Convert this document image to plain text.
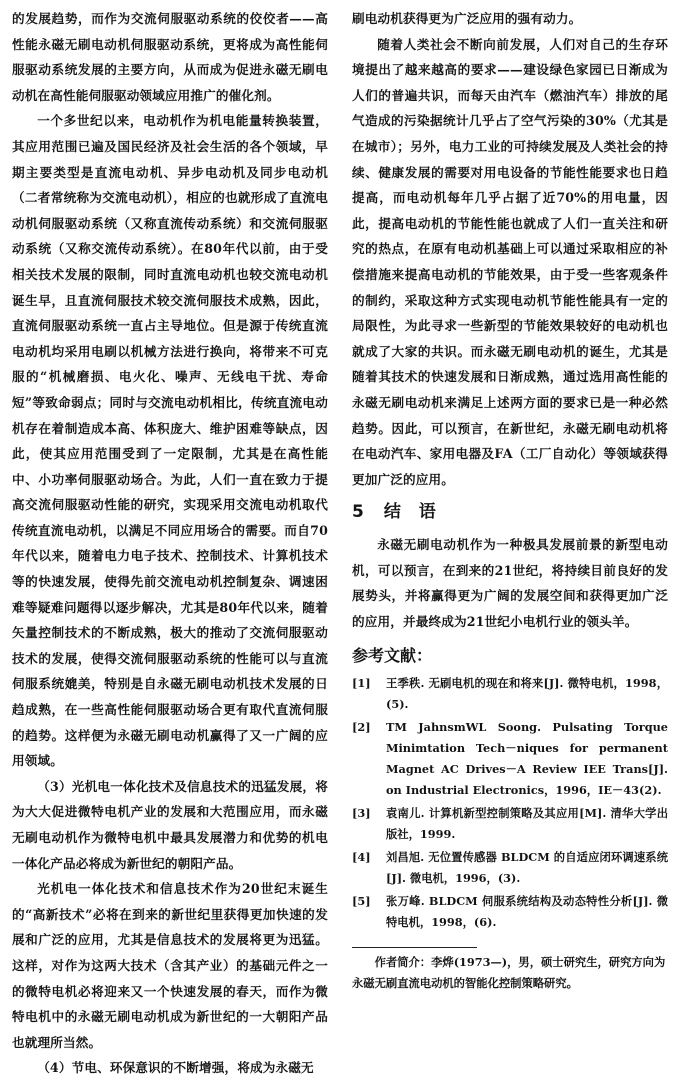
的发展趋势，而作为交流伺服驱动系统的佼佼者——高性能永磁无刷电动机伺服驱动系统，更将成为高性能伺服驱动系统发展的主要方向，从而成为促进永磁无刷电动机在高性能伺服驱动领域应用推广的催化剂。

一个多世纪以来，电动机作为机电能量转换装置，其应用范围已遍及国民经济及社会生活的各个领域，早期主要类型是直流电动机、异步电动机及同步电动机（二者常统称为交流电动机），相应的也就形成了直流电动机伺服驱动系统（又称直流传动系统）和交流伺服驱动系统（又称交流传动系统）。在80年代以前，由于受相关技术发展的限制，同时直流电动机也较交流电动机诞生早，且直流伺服技术较交流伺服技术成熟，因此，直流伺服驱动系统一直占主导地位。但是源于传统直流电动机均采用电刷以机械方法进行换向，将带来不可克服的“机械磨损、电火化、噪声、无线电干扰、寿命短”等致命弱点；同时与交流电动机相比，传统直流电动机存在着制造成本高、体积庞大、维护困难等缺点，因此，使其应用范围受到了一定限制，尤其是在高性能中、小功率伺服驱动场合。为此，人们一直在致力于提高交流伺服驱动性能的研究，实现采用交流电动机取代传统直流电动机，以满足不同应用场合的需要。而自70年代以来，随着电力电子技术、控制技术、计算机技术等的快速发展，使得先前交流电动机控制复杂、调速困难等疑难问题得以逐步解决，尤其是80年代以来，随着矢量控制技术的不断成熟，极大的推动了交流伺服驱动技术的发展，使得交流伺服驱动系统的性能可以与直流伺服系统媲美，特别是自永磁无刷电动机技术发展的日趋成熟，在一些高性能伺服驱动场合更有取代直流伺服的趋势。这样便为永磁无刷电动机赢得了又一广阔的应用领域。

（3）光机电一体化技术及信息技术的迅猛发展，将为大大促进微特电机产业的发展和大范围应用，而永磁无刷电动机作为微特电机中最具发展潜力和优势的机电一体化产品必将成为新世纪的朝阳产品。

光机电一体化技术和信息技术作为20世纪末诞生的“高新技术”必将在到来的新世纪里获得更加快速的发展和广泛的应用，尤其是信息技术的发展将更为迅猛。这样，对作为这两大技术（含其产业）的基础元件之一的微特电机必将迎来又一个快速发展的春天，而作为微特电机中的永磁无刷电动机成为新世纪的一大朝阳产品也就理所当然。

（4）节电、环保意识的不断增强，将成为永磁无

刷电动机获得更为广泛应用的强有动力。

随着人类社会不断向前发展，人们对自己的生存环境提出了越来越高的要求——建设绿色家园已日渐成为人们的普遍共识，而每天由汽车（燃油汽车）排放的尾气造成的污染据统计几乎占了空气污染的30%（尤其是在城市）；另外，电力工业的可持续发展及人类社会的持续、健康发展的需要对用电设备的节能性能要求也日趋提高，而电动机每年几乎占据了近70%的用电量，因此，提高电动机的节能性能也就成了人们一直关注和研究的热点，在原有电动机基础上可以通过采取相应的补偿措施来提高电动机的节能效果，由于受一些客观条件的制约，采取这种方式实现电动机节能性能具有一定的局限性，为此寻求一些新型的节能效果较好的电动机也就成了大家的共识。而永磁无刷电动机的诞生，尤其是随着其技术的快速发展和日渐成熟，通过选用高性能的永磁无刷电动机来满足上述两方面的要求已是一种必然趋势。因此，可以预言，在新世纪，永磁无刷电动机将在电动汽车、家用电器及FA（工厂自动化）等领域获得更加广泛的应用。

5 结 语

永磁无刷电动机作为一种极具发展前景的新型电动机，可以预言，在到来的21世纪，将持续目前良好的发展势头，并将赢得更为广阔的发展空间和获得更加广泛的应用，并最终成为21世纪小电机行业的领头羊。

参考文献：
[1]	王季秩. 无刷电机的现在和将来[J]. 微特电机，1998，(5).
[2]	TM JahnsmWL Soong. Pulsating Torque Minimtation Tech－niques for permanent Magnet AC Drives－A Review IEE Trans[J]. on Industrial Electronics，1996，IE－43(2).
[3]	袁南儿. 计算机新型控制策略及其应用[M]. 清华大学出版社，1999.
[4]	刘昌旭. 无位置传感器 BLDCM 的自适应闭环调速系统[J]. 微电机，1996，(3).
[5]	张万峰. BLDCM 伺服系统结构及动态特性分析[J]. 微特电机，1998，(6).

作者简介：李烨(1973—)，男，硕士研究生，研究方向为永磁无刷直流电动机的智能化控制策略研究。
